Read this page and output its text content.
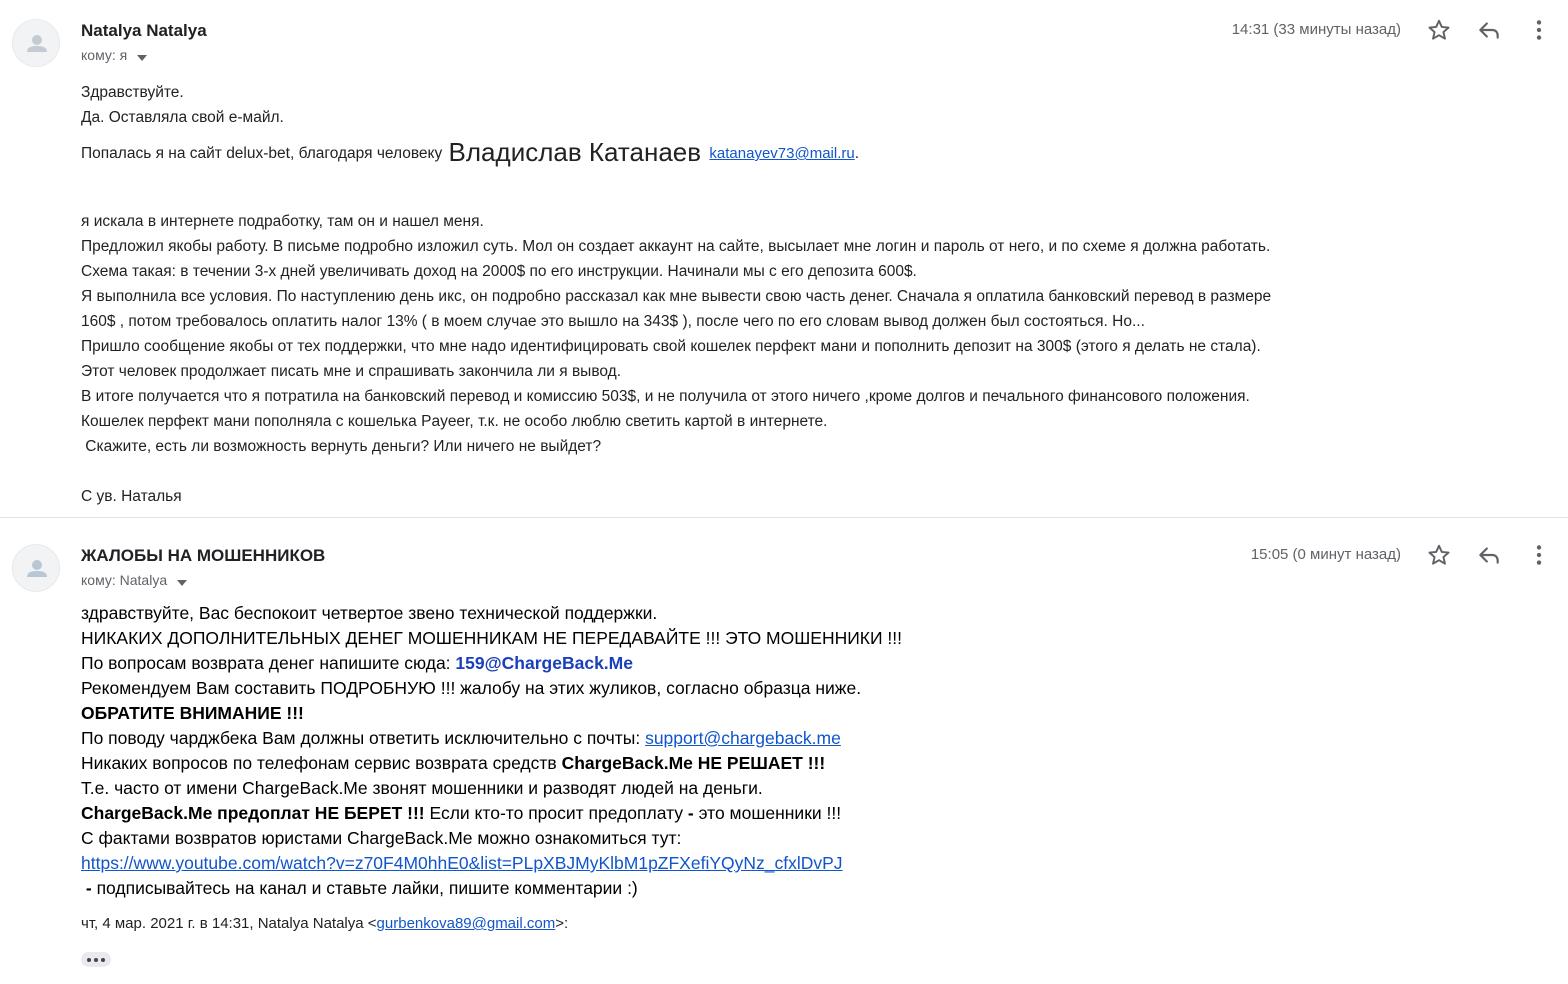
Natalya Natalya
кому: я
14:31 (33 минуты назад)
Здравствуйте.
Да. Оставляла свой е-майл.
Попалась я на сайт delux-bet, благодаря человеку Владислав Катанаев katanayev73@mail.ru.
я искала в интернете подработку, там он и нашел меня.
Предложил якобы работу. В письме подробно изложил суть. Мол он создает аккаунт на сайте, высылает мне логин и пароль от него, и по схеме я должна работать.
Схема такая: в течении 3-х дней увеличивать доход на 2000$ по его инструкции. Начинали мы с его депозита 600$.
Я выполнила все условия. По наступлению день икс, он подробно рассказал как мне вывести свою часть денег. Сначала я оплатила банковский перевод в размере
160$ , потом требовалось оплатить налог 13% ( в моем случае это вышло на 343$ ), после чего по его словам вывод должен был состояться. Но...
Пришло сообщение якобы от тех поддержки, что мне надо идентифицировать свой кошелек перфект мани и пополнить депозит на 300$ (этого я делать не стала).
Этот человек продолжает писать мне и спрашивать закончила ли я вывод.
В итоге получается что я потратила на банковский перевод и комиссию 503$, и не получила от этого ничего ,кроме долгов и печального финансового положения.
Кошелек перфект мани пополняла с кошелька Payeer, т.к. не особо люблю светить картой в интернете.
Скажите, есть ли возможность вернуть деньги? Или ничего не выйдет?
С ув. Наталья
ЖАЛОБЫ НА МОШЕННИКОВ
кому: Natalya
15:05 (0 минут назад)
здравствуйте, Вас беспокоит четвертое звено технической поддержки.
НИКАКИХ ДОПОЛНИТЕЛЬНЫХ ДЕНЕГ МОШЕННИКАМ НЕ ПЕРЕДАВАЙТЕ !!! ЭТО МОШЕННИКИ !!!
По вопросам возврата денег напишите сюда: 159@ChargeBack.Me
Рекомендуем Вам составить ПОДРОБНУЮ !!! жалобу на этих жуликов, согласно образца ниже.
ОБРАТИТЕ ВНИМАНИЕ !!!
По поводу чарджбека Вам должны ответить исключительно с почты: support@chargeback.me
Никаких вопросов по телефонам сервис возврата средств ChargeBack.Me НЕ РЕШАЕТ !!!
Т.е. часто от имени ChargeBack.Me звонят мошенники и разводят людей на деньги.
ChargeBack.Me предоплат НЕ БЕРЕТ !!! Если кто-то просит предоплату - это мошенники !!!
С фактами возвратов юристами ChargeBack.Me можно ознакомиться тут:
https://www.youtube.com/watch?v=z70F4M0hhE0&list=PLpXBJMyKlbM1pZFXefiYQyNz_cfxlDvPJ
- подписывайтесь на канал и ставьте лайки, пишите комментарии :)
чт, 4 мар. 2021 г. в 14:31, Natalya Natalya <gurbenkova89@gmail.com>:
